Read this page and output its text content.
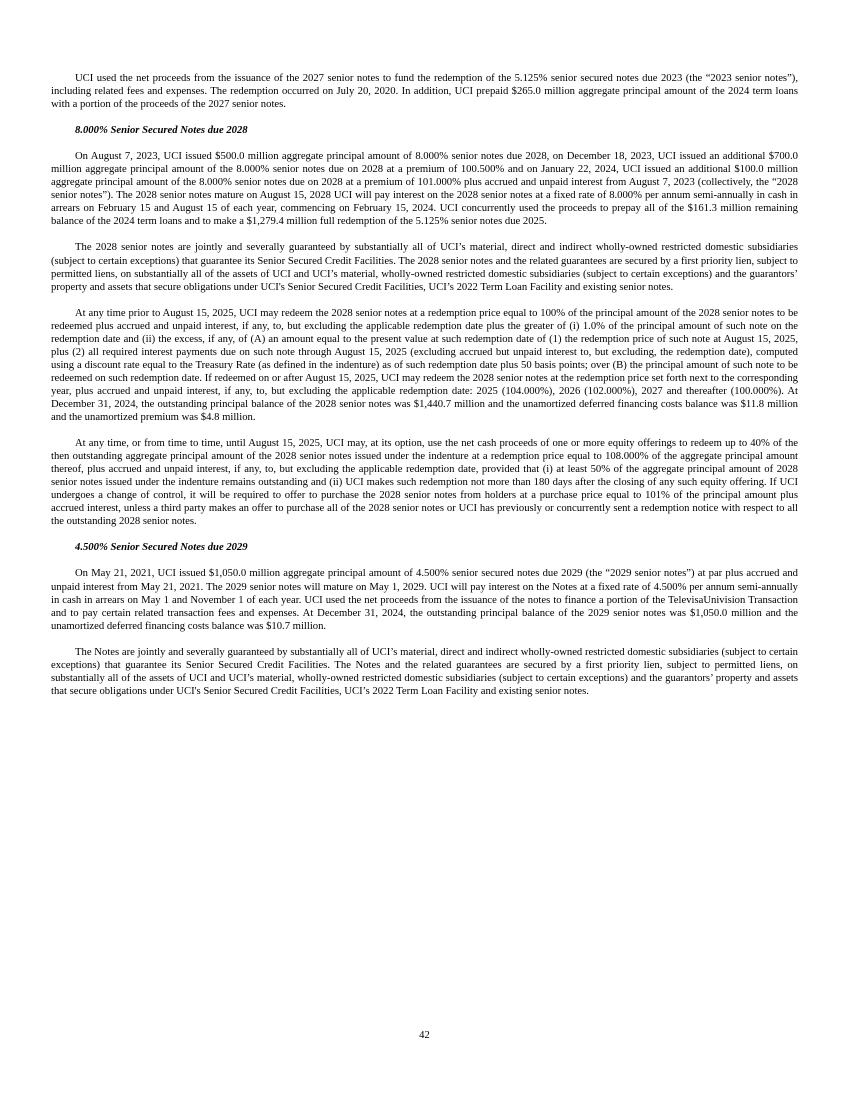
UCI used the net proceeds from the issuance of the 2027 senior notes to fund the redemption of the 5.125% senior secured notes due 2023 (the “2023 senior notes”), including related fees and expenses. The redemption occurred on July 20, 2020. In addition, UCI prepaid $265.0 million aggregate principal amount of the 2024 term loans with a portion of the proceeds of the 2027 senior notes.

8.000% Senior Secured Notes due 2028

On August 7, 2023, UCI issued $500.0 million aggregate principal amount of 8.000% senior notes due 2028, on December 18, 2023, UCI issued an additional $700.0 million aggregate principal amount of the 8.000% senior notes due on 2028 at a premium of 100.500% and on January 22, 2024, UCI issued an additional $100.0 million aggregate principal amount of the 8.000% senior notes due on 2028 at a premium of 101.000% plus accrued and unpaid interest from August 7, 2023 (collectively, the “2028 senior notes”). The 2028 senior notes mature on August 15, 2028 UCI will pay interest on the 2028 senior notes at a fixed rate of 8.000% per annum semi-annually in cash in arrears on February 15 and August 15 of each year, commencing on February 15, 2024. UCI concurrently used the proceeds to prepay all of the $161.3 million remaining balance of the 2024 term loans and to make a $1,279.4 million full redemption of the 5.125% senior notes due 2025.

The 2028 senior notes are jointly and severally guaranteed by substantially all of UCI’s material, direct and indirect wholly-owned restricted domestic subsidiaries (subject to certain exceptions) that guarantee its Senior Secured Credit Facilities. The 2028 senior notes and the related guarantees are secured by a first priority lien, subject to permitted liens, on substantially all of the assets of UCI and UCI’s material, wholly-owned restricted domestic subsidiaries (subject to certain exceptions) and the guarantors’ property and assets that secure obligations under UCI's Senior Secured Credit Facilities, UCI’s 2022 Term Loan Facility and existing senior notes.

At any time prior to August 15, 2025, UCI may redeem the 2028 senior notes at a redemption price equal to 100% of the principal amount of the 2028 senior notes to be redeemed plus accrued and unpaid interest, if any, to, but excluding the applicable redemption date plus the greater of (i) 1.0% of the principal amount of such note on the redemption date and (ii) the excess, if any, of (A) an amount equal to the present value at such redemption date of (1) the redemption price of such note at August 15, 2025, plus (2) all required interest payments due on such note through August 15, 2025 (excluding accrued but unpaid interest to, but excluding, the redemption date), computed using a discount rate equal to the Treasury Rate (as defined in the indenture) as of such redemption date plus 50 basis points; over (B) the principal amount of such note to be redeemed on such redemption date. If redeemed on or after August 15, 2025, UCI may redeem the 2028 senior notes at the redemption price set forth next to the corresponding year, plus accrued and unpaid interest, if any, to, but excluding the applicable redemption date: 2025 (104.000%), 2026 (102.000%), 2027 and thereafter (100.000%). At December 31, 2024, the outstanding principal balance of the 2028 senior notes was $1,440.7 million and the unamortized deferred financing costs balance was $11.8 million and the unamortized premium was $4.8 million.

At any time, or from time to time, until August 15, 2025, UCI may, at its option, use the net cash proceeds of one or more equity offerings to redeem up to 40% of the then outstanding aggregate principal amount of the 2028 senior notes issued under the indenture at a redemption price equal to 108.000% of the aggregate principal amount thereof, plus accrued and unpaid interest, if any, to, but excluding the applicable redemption date, provided that (i) at least 50% of the aggregate principal amount of 2028 senior notes issued under the indenture remains outstanding and (ii) UCI makes such redemption not more than 180 days after the closing of any such equity offering. If UCI undergoes a change of control, it will be required to offer to purchase the 2028 senior notes from holders at a purchase price equal to 101% of the principal amount plus accrued interest, unless a third party makes an offer to purchase all of the 2028 senior notes or UCI has previously or concurrently sent a redemption notice with respect to all the outstanding 2028 senior notes.

4.500% Senior Secured Notes due 2029

On May 21, 2021, UCI issued $1,050.0 million aggregate principal amount of 4.500% senior secured notes due 2029 (the “2029 senior notes”) at par plus accrued and unpaid interest from May 21, 2021. The 2029 senior notes will mature on May 1, 2029. UCI will pay interest on the Notes at a fixed rate of 4.500% per annum semi-annually in cash in arrears on May 1 and November 1 of each year. UCI used the net proceeds from the issuance of the notes to finance a portion of the TelevisaUnivision Transaction and to pay certain related transaction fees and expenses. At December 31, 2024, the outstanding principal balance of the 2029 senior notes was $1,050.0 million and the unamortized deferred financing costs balance was $10.7 million.

The Notes are jointly and severally guaranteed by substantially all of UCI’s material, direct and indirect wholly-owned restricted domestic subsidiaries (subject to certain exceptions) that guarantee its Senior Secured Credit Facilities. The Notes and the related guarantees are secured by a first priority lien, subject to permitted liens, on substantially all of the assets of UCI and UCI’s material, wholly-owned restricted domestic subsidiaries (subject to certain exceptions) and the guarantors’ property and assets that secure obligations under UCI's Senior Secured Credit Facilities, UCI’s 2022 Term Loan Facility and existing senior notes.

42
